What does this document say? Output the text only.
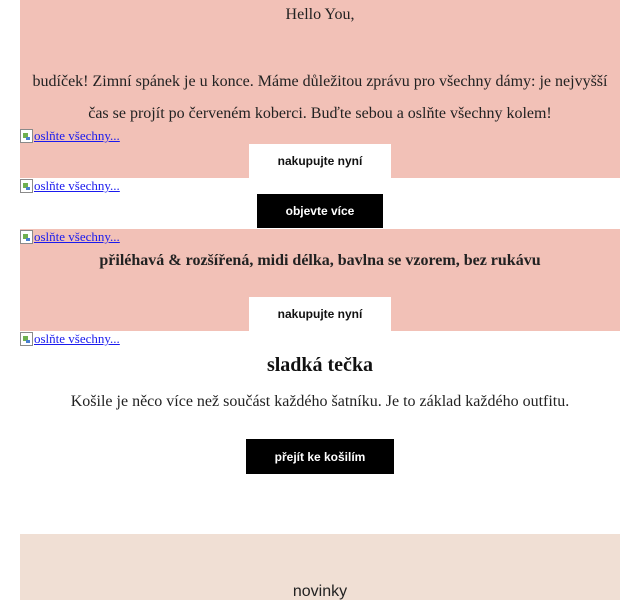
Hello You,
budíček! Zimní spánek je u konce. Máme důležitou zprávu pro všechny dámy: je nejvyšší čas se projít po červeném koberci. Buďte sebou a oslňte všechny kolem!
oslňte všechny...
nakupujte nyní
oslňte všechny...
objevte více
přiléhavá & rozšířená, midi délka, bavlna se vzorem, bez rukávu
oslňte všechny...
nakupujte nyní
oslňte všechny...
sladká tečka
Košile je něco více než součást každého šatníku. Je to základ každého outfitu.
přejít ke košilím
novinky
